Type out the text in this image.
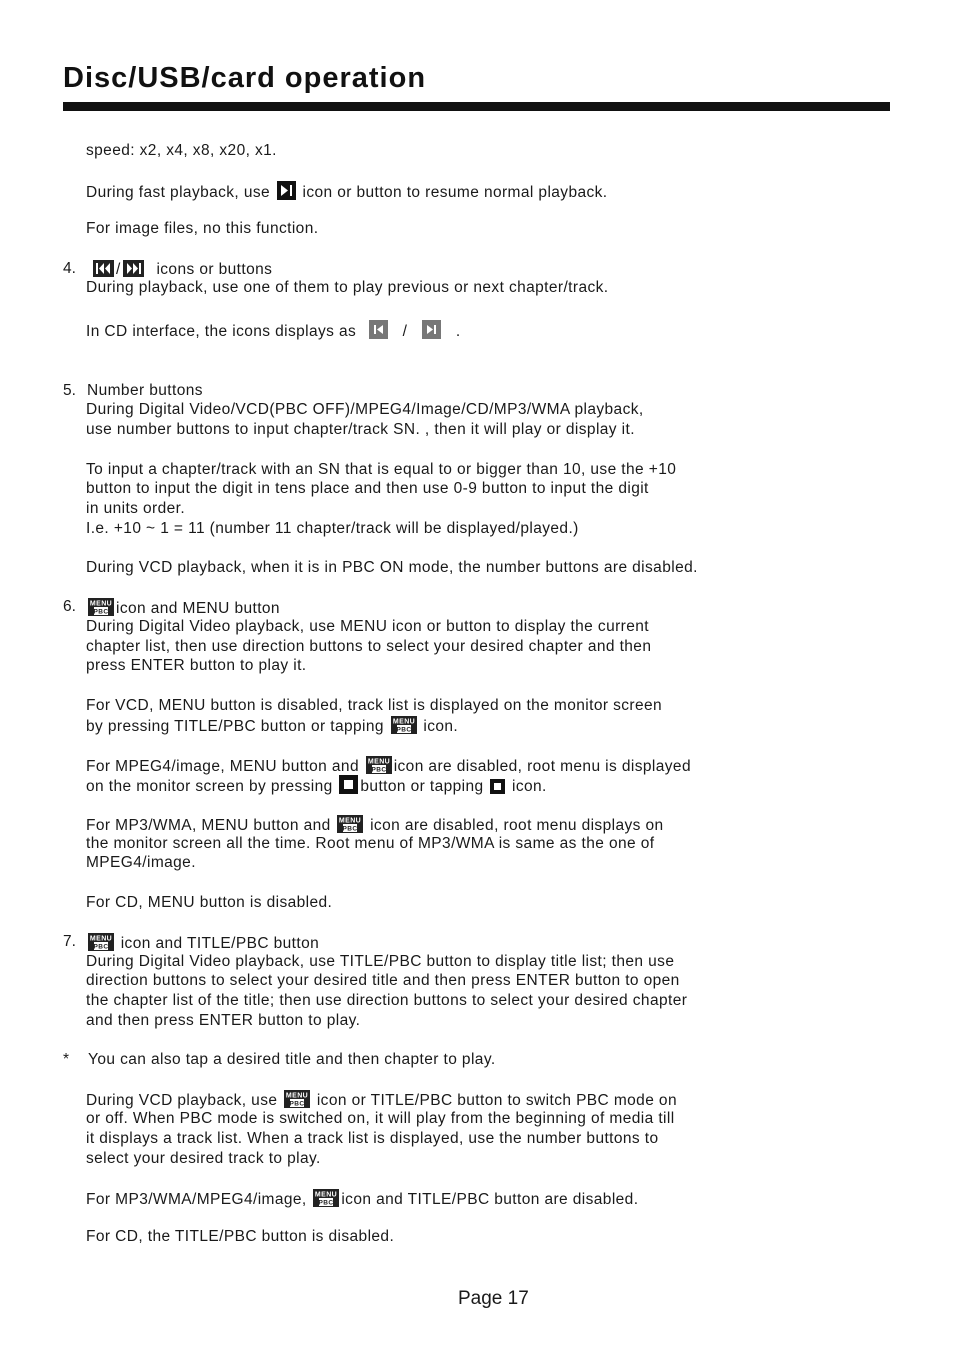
Disc/USB/card operation
speed: x2, x4, x8, x20, x1.
During fast playback, use icon or button to resume normal playback.
For image files, no this function.
4.	/ icons or buttons
During playback, use one of them to play previous or next chapter/track.
In CD interface, the icons displays as	/	.
5. Number buttons
During Digital Video/VCD(PBC OFF)/MPEG4/Image/CD/MP3/WMA playback,
use number buttons to input chapter/track SN. , then it will play or display it.
To input a chapter/track with an SN that is equal to or bigger than 10, use the +10
button to input the digit in tens place and then use 0-9 button to input the digit
in units order.
I.e. +10 ~ 1 = 11 (number 11 chapter/track will be displayed/played.)
During VCD playback, when it is in PBC ON mode, the number buttons are disabled.
6. MENU
PBC icon and MENU button
During Digital Video playback, use MENU icon or button to display the current
chapter list, then use direction buttons to select your desired chapter and then
press ENTER button to play it.
For VCD, MENU button is disabled, track list is displayed on the monitor screen
by pressing TITLE/PBC button or tapping MENU
PBC icon.
For MPEG4/image, MENU button and MENU
PBC icon are disabled, root menu is displayed
on the monitor screen by pressing button or tapping icon.
For MP3/WMA, MENU button and MENU
PBC icon are disabled, root menu displays on
the monitor screen all the time. Root menu of MP3/WMA is same as the one of
MPEG4/image.
For CD, MENU button is disabled.
7. MENU
PBC icon and TITLE/PBC button
During Digital Video playback, use TITLE/PBC button to display title list; then use
direction buttons to select your desired title and then press ENTER button to open
the chapter list of the title; then use direction buttons to select your desired chapter
and then press ENTER button to play.
* You can also tap a desired title and then chapter to play.
During VCD playback, use MENU
PBC icon or TITLE/PBC button to switch PBC mode on
or off. When PBC mode is switched on, it will play from the beginning of media till
it displays a track list. When a track list is displayed, use the number buttons to
select your desired track to play.
For MP3/WMA/MPEG4/image, MENU
PBC icon and TITLE/PBC button are disabled.
For CD, the TITLE/PBC button is disabled.
Page 17
